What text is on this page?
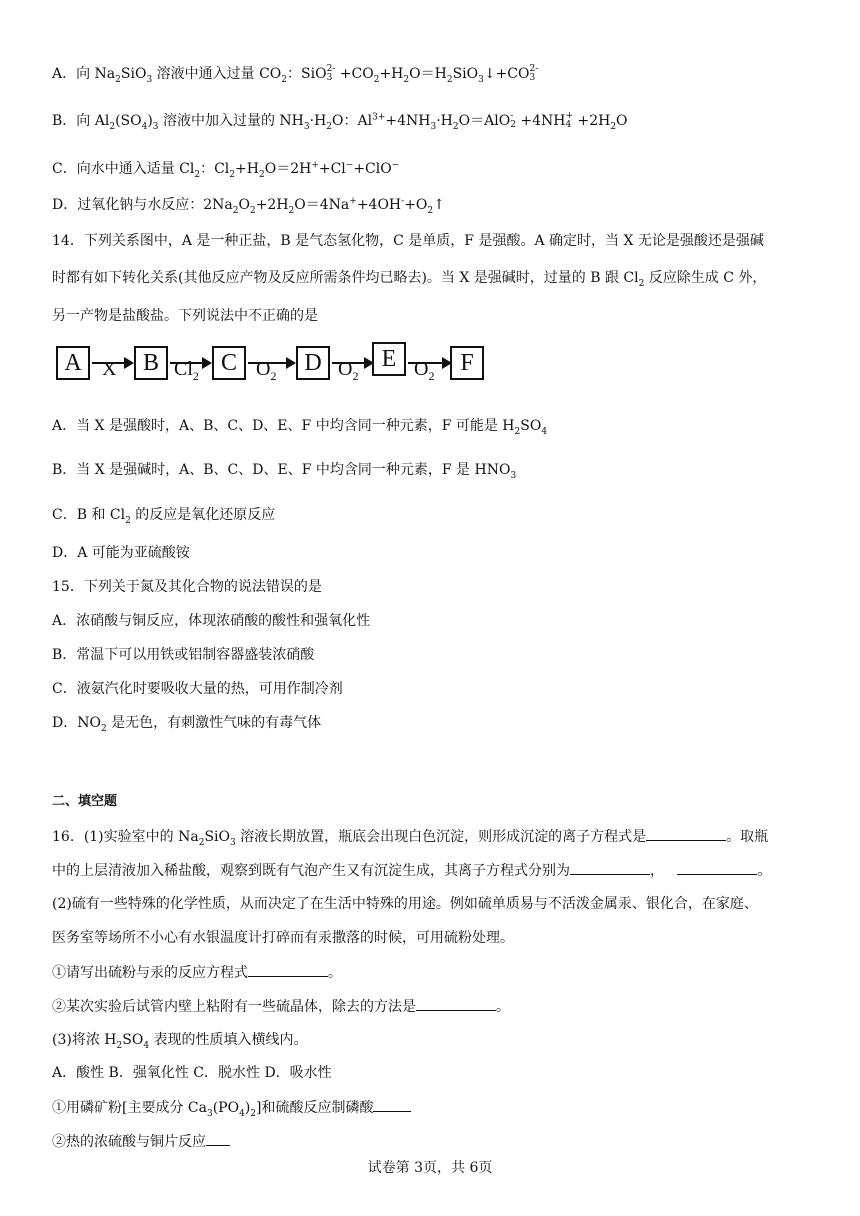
A．向 $Na_2SiO_3$ 溶液中通入过量 $CO_2$：SiO 2-
$3 +CO_2+H_2O=H_2SiO_3↓+CO$ 2-
3
B．向 $Al_2(SO_4)_3$ 溶液中加入过量的 $NH_3\cdot H_2O$：$Al^{3+}+4NH_3\cdot H_2O=AlO$ -
2 +4NH +
$4 +2H_2O$
C．向水中通入适量 $Cl_2$：$Cl_2+H_2O=2H^++Cl^-+ClO^-$
D．过氧化钠与水反应：$2Na_2O_2+2H_2O=4Na^++4OH^-+O_2↑$
14．下列关系图中，A 是一种正盐，B 是气态氢化物，C 是单质，F 是强酸。A 确定时，当 X 无论是强酸还是强碱
时都有如下转化关系(其他反应产物及反应所需条件均已略去)。当 X 是强碱时，过量的 B 跟 $Cl_2$ 反应除生成 C 外，
另一产物是盐酸盐。下列说法中不正确的是
A	X	B $Cl_2$
C $O_2$
D $O_2$
E $O_2$
F
A．当 X 是强酸时，A、B、C、D、E、F 中均含同一种元素，F 可能是 $H_2SO_4$
B．当 X 是强碱时，A、B、C、D、E、F 中均含同一种元素，F 是 $HNO_3$
C．B 和 $Cl_2$ 的反应是氧化还原反应
D．A 可能为亚硫酸铵
15．下列关于氮及其化合物的说法错误的是
A．浓硝酸与铜反应，体现浓硝酸的酸性和强氧化性
B．常温下可以用铁或铝制容器盛装浓硝酸
C．液氨汽化时要吸收大量的热，可用作制冷剂
D．$NO_2$ 是无色，有刺激性气味的有毒气体
二、填空题
16．(1)实验室中的 $Na_2SiO_3$ 溶液长期放置，瓶底会出现白色沉淀，则形成沉淀的离子方程式是	。取瓶
中的上层清液加入稀盐酸，观察到既有气泡产生又有沉淀生成，其离子方程式分别为	，	。
(2)硫有一些特殊的化学性质，从而决定了在生活中特殊的用途。例如硫单质易与不活泼金属汞、银化合，在家庭、
医务室等场所不小心有水银温度计打碎而有汞撒落的时候，可用硫粉处理。
①请写出硫粉与汞的反应方程式	。
②某次实验后试管内壁上粘附有一些硫晶体，除去的方法是	。
(3)将浓 $H_2SO_4$ 表现的性质填入横线内。
A．酸性 B．强氧化性 C．脱水性 D．吸水性
①用磷矿粉[主要成分 $Ca_3(PO_4)_2$]和硫酸反应制磷酸
②热的浓硫酸与铜片反应
试卷第 3页，共 6页
